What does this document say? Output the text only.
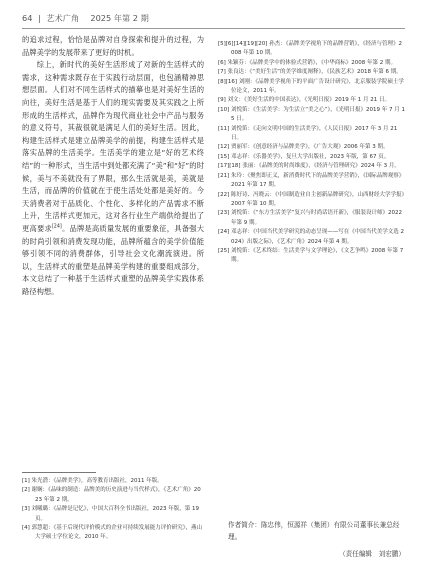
64 | 艺术广角 2025 年第 2 期

的追求过程，恰恰是品牌对自身探索和提升的过程，为品牌美学的发展带来了更好的时机。

综上，新时代的美好生活形成了对新的生活样式的需求，这种需求既存在于实践行动层面，也包涵精神思想层面。人们对不同生活样式的描摹也是对美好生活的向往，美好生活是基于人们的现实需要及其实践之上所形成的生活样式，品牌作为现代商业社会中产品与服务的意义符号，其裁很就是满足人们的美好生活。因此，构建生活样式是建立品牌美学的前提，构建生活样式是落实品牌的生活美学。生活美学的建立是“好的艺术终结”的一种形式，当生活中到处都充满了“美”和“好”的时候，美与不美就没有了界限，那么生活就是美，美就是生活，而品牌的价值就在于使生活处处都是美好的。今天消费者对于品质化、个性化、多样化的产品需求不断上升，生活样式更加元，这对各行业生产端供给提出了更高要求[24]。品牌是高质量发展的重要象征，具备强大的时尚引领和消费发现功能，品牌所蕴含的美学价值能够引领不同的消费群体，引导社会文化潮流演进。所以，生活样式的重塑是品牌美学构建的重要组成部分，本文总结了一种基于生活样式重塑的品牌美学实践体系路径构想。

[1] 朱光潜：《品牌美学》，高等教育出版社，2011 年版。

[2] 谢娴：《品味的制造：品牌美的历史演进与当代样式》，《艺术广角》2023 年第 2 期。

[3] 刘曦璐：《品牌是记忆》，中国大百科全书出版社，2023 年版，第 19 页。

[4] 郭慧超：《基于后现代评价模式的企业可持续发展能力评价研究》，燕山大学硕士学位论文，2010 年。

[5][6][14][19][20] 孙杰：《品牌美学视角下的品牌营销》，《经济与管理》2008 年第 10 期。

[6] 朱颖芬：《品牌美学中的体验式营销》，《中华商标》2008 年第 2 期。

[7] 张良达：《“美好生活”的美学维度阐释》，《民族艺术》2018 年第 6 期。

[8][16] 刘刚：《品牌美学视角下的平面广告设计研究》，北京服装学院硕士学位论文，2011 年。

[9] 刘文：《美好生活的中国表达》，《光明日报》2019 年 1 月 21 日。

[10] 刘悦笛：《生活美学：为生活立“美之心”》，《光明日报》2019 年 7 月 15 日。

[11] 刘悦笛：《走向文明中国的生活美学》，《人民日报》2017 年 3 月 21 日。

[12] 贾丽军：《创意经济与品牌美学》，《广告大观》2006 年第 3 期。

[15] 邓志祥：《乐器美学》，复旦大学出版社，2023 年版，第 67 页。

[17][18] 张丽：《品牌美的时尚维度》，《经济与管理研究》2024 年 3 月。

[21] 朱玲：《聚焦即正义，新消费时代下的品牌美学营销》，《国际品牌观察》2021 年第 17 期。

[22] 陈好诗、冯晓云：《中国制造业自主创新品牌研究》，山西财经大学学报》2007 年第 10 期。

[23] 刘悦笛：《“东方生活美学”复兴与时尚话语开新》，《服装设计师》2022 年第 9 期。

[24] 邓志祥：《中国当代美学研究的动态呈现——写在《中国当代美学文选 2024》出版之际》，《艺术广角》2024 年第 4 期。

[25] 刘悦笛：《艺术终结：生活美学与文学理论》，《文艺争鸣》2008 年第 7 期。

作者简介：陈忠伟，恒源祥（集团）有限公司董事长兼总经理。
（责任编辑　刘宏鹏）
